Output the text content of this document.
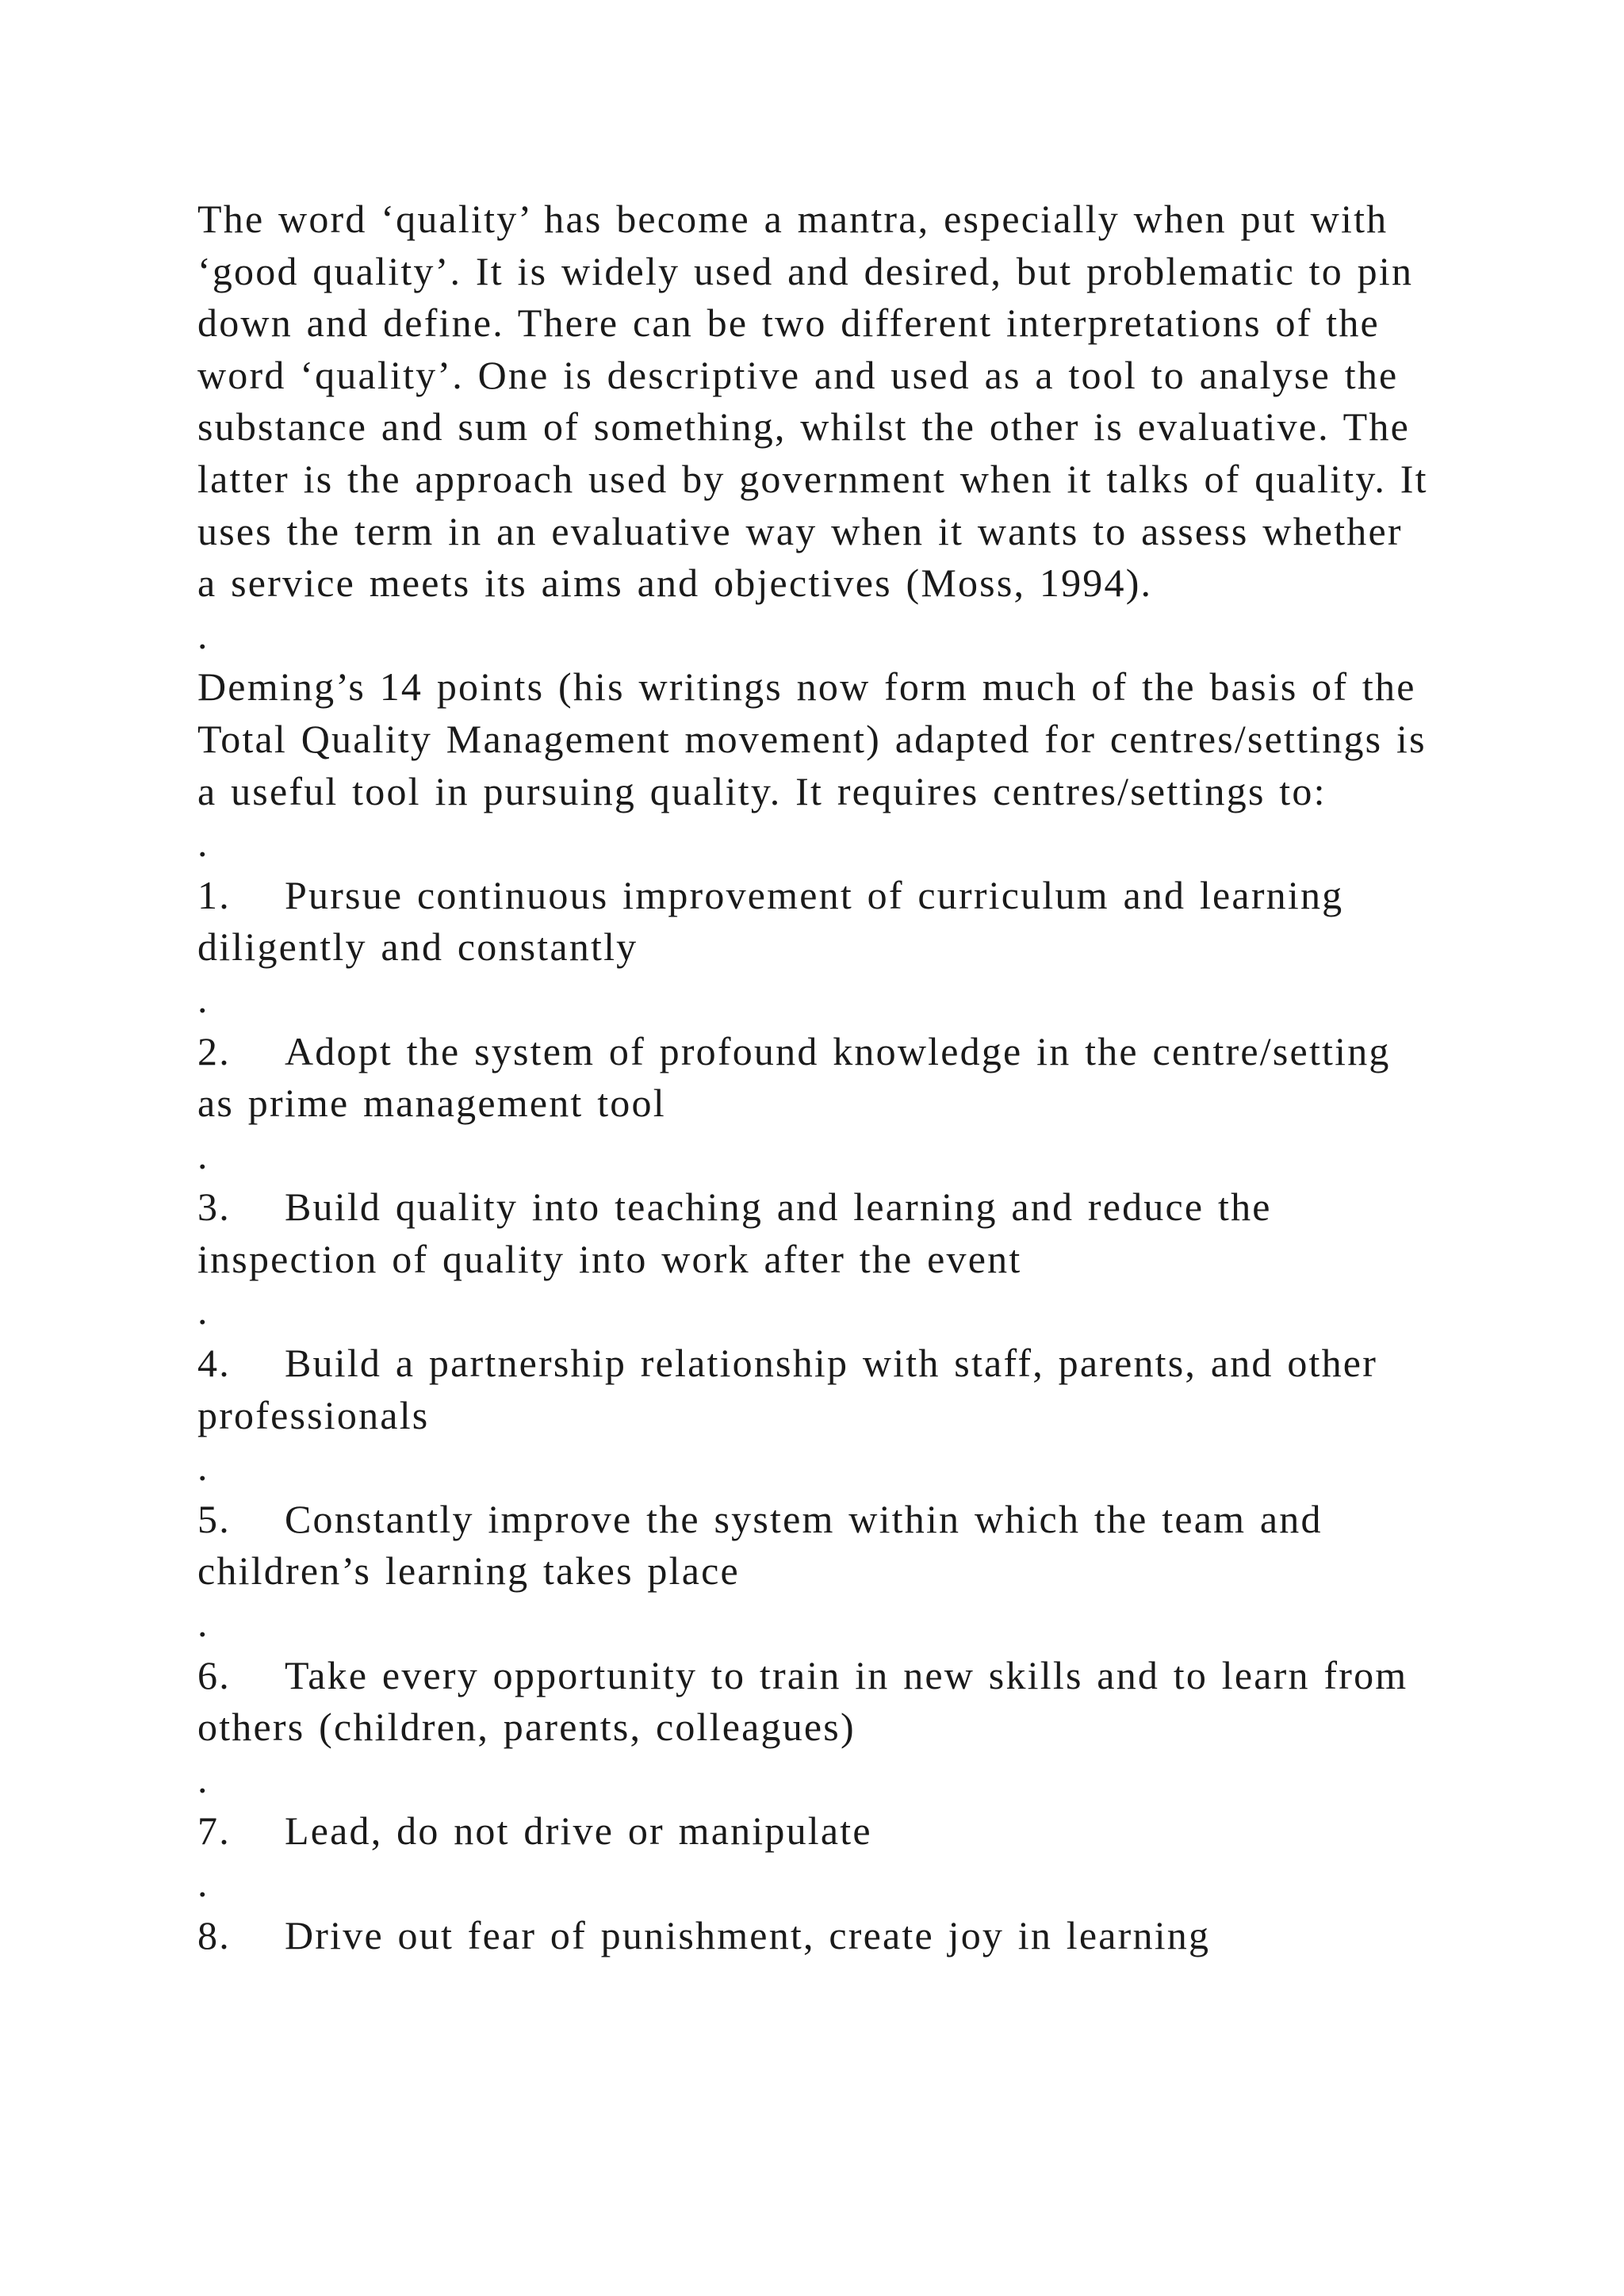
The word ‘quality’ has become a mantra, especially when put with ‘good quality’. It is widely used and desired, but problematic to pin down and define. There can be two different interpretations of the word ‘quality’. One is descriptive and used as a tool to analyse the substance and sum of something, whilst the other is evaluative. The latter is the approach used by government when it talks of quality. It uses the term in an evaluative way when it wants to assess whether a service meets its aims and objectives (Moss, 1994).

.

Deming’s 14 points (his writings now form much of the basis of the Total Quality Management movement) adapted for centres/settings is a useful tool in pursuing quality. It requires centres/settings to:

.

1. Pursue continuous improvement of curriculum and learning diligently and constantly

.

2. Adopt the system of profound knowledge in the centre/setting as prime management tool

.

3. Build quality into teaching and learning and reduce the inspection of quality into work after the event

.

4. Build a partnership relationship with staff, parents, and other professionals

.

5. Constantly improve the system within which the team and children’s learning takes place

.

6. Take every opportunity to train in new skills and to learn from others (children, parents, colleagues)

.

7. Lead, do not drive or manipulate

.

8. Drive out fear of punishment, create joy in learning
